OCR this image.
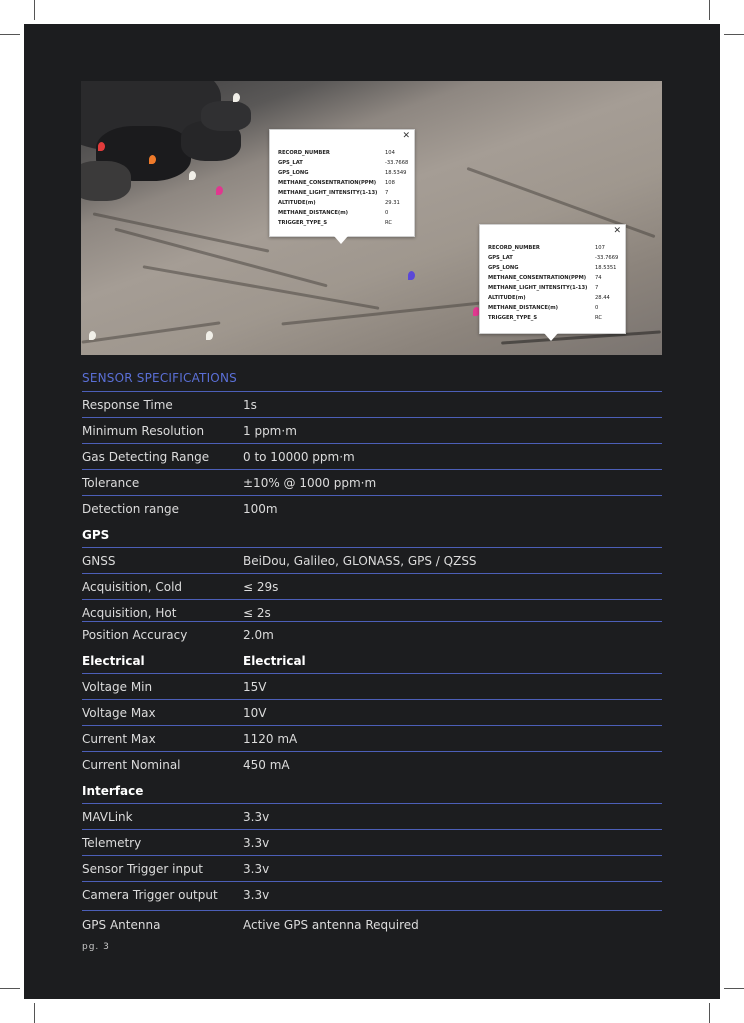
✕
RECORD_NUMBER	104
GPS_LAT	-33.7668
GPS_LONG	18.5349
METHANE_CONSENTRATION(PPM) 108
METHANE_LIGHT_INTENSITY(1-13) 7
ALTITUDE(m)	29.31
METHANE_DISTANCE(m)	0
TRIGGER_TYPE_S	RC
✕
RECORD_NUMBER	107
GPS_LAT	-33.7669
GPS_LONG	18.5351
METHANE_CONSENTRATION(PPM) 74
METHANE_LIGHT_INTENSITY(1-13) 7
ALTITUDE(m)	28.44
METHANE_DISTANCE(m)	0
TRIGGER_TYPE_S	RC
SENSOR SPECIFICATIONS
Response Time	1s
Minimum Resolution	1 ppm·m
Gas Detecting Range	0 to 10000 ppm·m
Tolerance	±10% @ 1000 ppm·m
Detection range	100m
GPS
GNSS	BeiDou, Galileo, GLONASS, GPS / QZSS
Acquisition, Cold	≤ 29s
Acquisition, Hot	≤ 2s
Position Accuracy	2.0m
Electrical	Electrical
Voltage Min	15V
Voltage Max	10V
Current Max	1120 mA
Current Nominal	450 mA
Interface
MAVLink	3.3v
Telemetry	3.3v
Sensor Trigger input	3.3v
Camera Trigger output 3.3v
GPS Antenna	Active GPS antenna Required
pg. 3
